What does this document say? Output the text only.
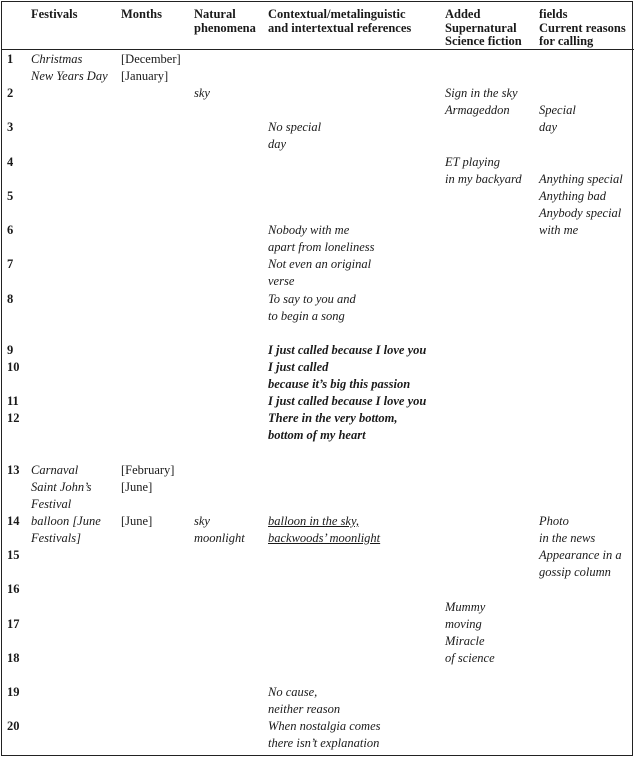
Festivals	Months	Natural
phenomena
Contextual/metalinguistic
and intertextual references
Added
Supernatural
Science fiction
fields
Current reasons
for calling
1
2
3
4
5
6
7
8
9
10
11
12
13
14
15
16
17
18
19
20
Christmas
New Years Day
Carnaval
Saint John’s
Festival
balloon [June
Festivals]
[December]
[January]
[February]
[June]
[June]
sky
sky
moonlight
No special
day
Nobody with me
apart from loneliness
Not even an original
verse
To say to you and
to begin a song
I just called because I love you
I just called
because it’s big this passion
I just called because I love you
There in the very bottom,
bottom of my heart
balloon in the sky,
backwoods’ moonlight
No cause,
neither reason
When nostalgia comes
there isn’t explanation
Sign in the sky
Armageddon
ET playing
in my backyard
Mummy
moving
Miracle
of science
Special
day
Anything special
Anything bad
Anybody special
with me
Photo
in the news
Appearance in a
gossip column
